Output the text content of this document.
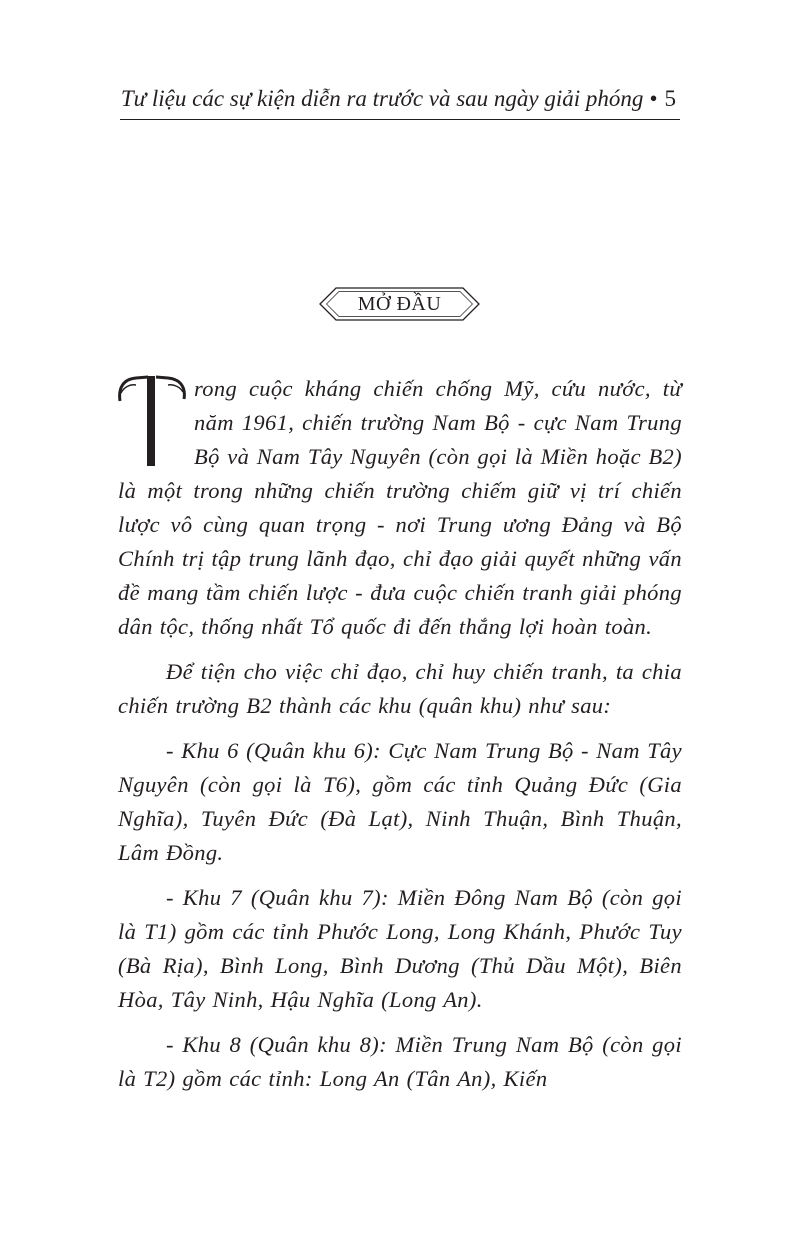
Tư liệu các sự kiện diễn ra trước và sau ngày giải phóng • 5
MỞ ĐẦU

rong cuộc kháng chiến chống Mỹ, cứu nước, từ năm 1961, chiến trường Nam Bộ - cực Nam Trung Bộ và Nam Tây Nguyên (còn gọi là Miền hoặc B2) là một trong những chiến trường chiếm giữ vị trí chiến lược vô cùng quan trọng - nơi Trung ương Đảng và Bộ Chính trị tập trung lãnh đạo, chỉ đạo giải quyết những vấn đề mang tầm chiến lược - đưa cuộc chiến tranh giải phóng dân tộc, thống nhất Tổ quốc đi đến thắng lợi hoàn toàn.

Để tiện cho việc chỉ đạo, chỉ huy chiến tranh, ta chia chiến trường B2 thành các khu (quân khu) như sau:

- Khu 6 (Quân khu 6): Cực Nam Trung Bộ - Nam Tây Nguyên (còn gọi là T6), gồm các tỉnh Quảng Đức (Gia Nghĩa), Tuyên Đức (Đà Lạt), Ninh Thuận, Bình Thuận, Lâm Đồng.

- Khu 7 (Quân khu 7): Miền Đông Nam Bộ (còn gọi là T1) gồm các tỉnh Phước Long, Long Khánh, Phước Tuy (Bà Rịa), Bình Long, Bình Dương (Thủ Dầu Một), Biên Hòa, Tây Ninh, Hậu Nghĩa (Long An).

- Khu 8 (Quân khu 8): Miền Trung Nam Bộ (còn gọi là T2) gồm các tỉnh: Long An (Tân An), Kiến
